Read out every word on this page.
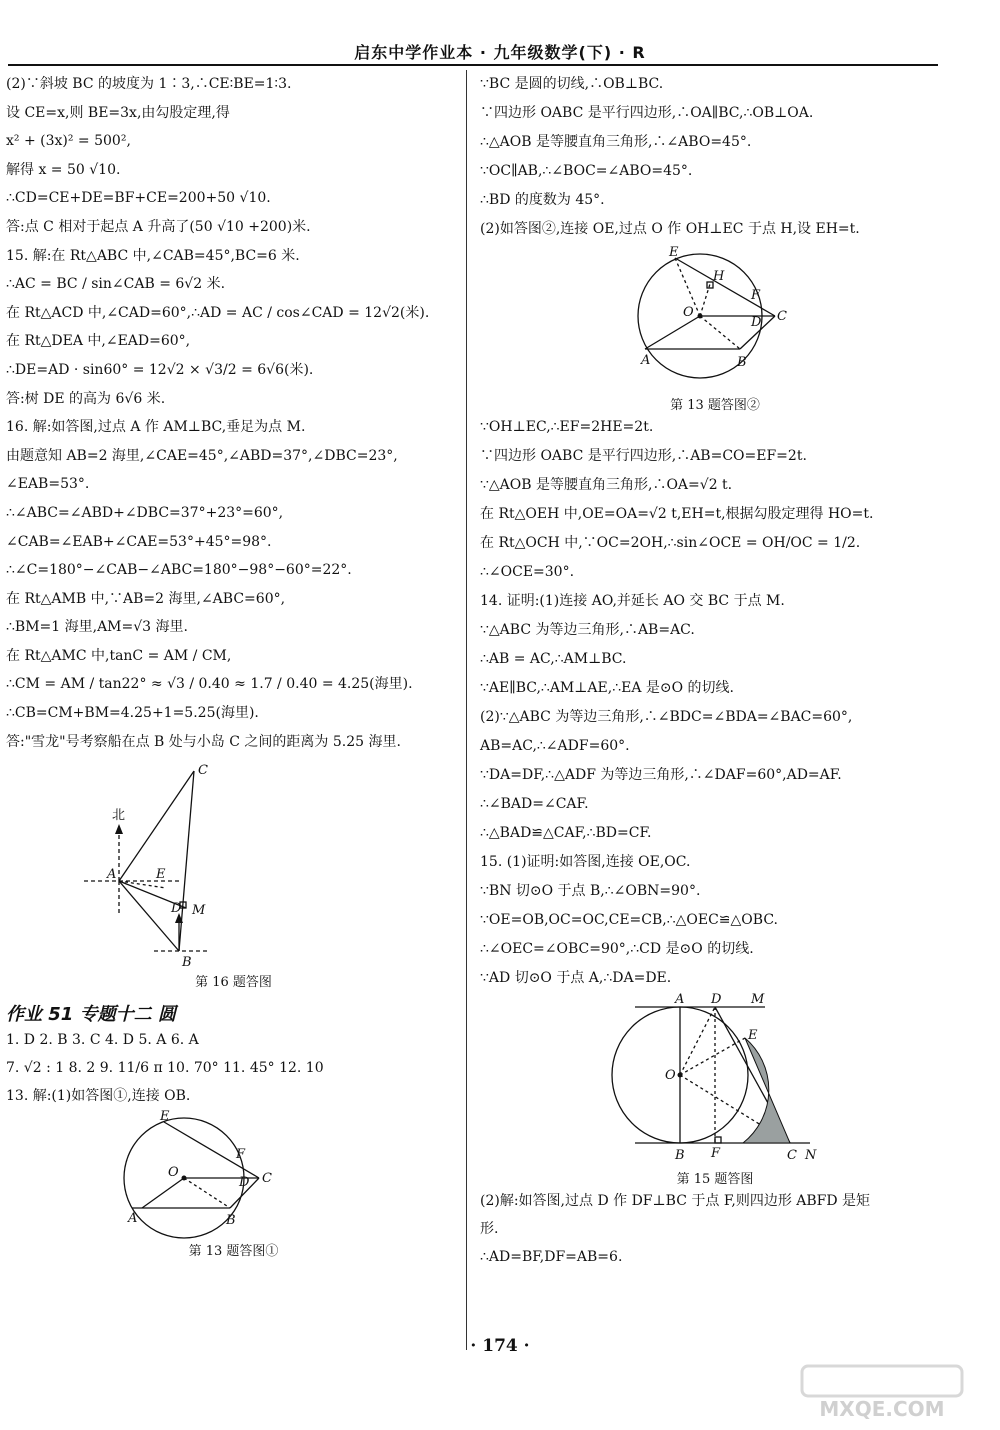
启东中学作业本 · 九年级数学(下) · R
(2)∵斜坡 BC 的坡度为 1∶3,∴CE∶BE=1∶3.
设 CE=x,则 BE=3x,由勾股定理,得
x² + (3x)² = 500²,
解得 x = 50 √10.
∴CD=CE+DE=BF+CE=200+50 √10.
答:点 C 相对于起点 A 升高了(50 √10 +200)米.
15. 解:在 Rt△ABC 中,∠CAB=45°,BC=6 米.
∴AC = BC / sin∠CAB = 6√2 米.
在 Rt△ACD 中,∠CAD=60°,∴AD = AC / cos∠CAD = 12√2(米).
在 Rt△DEA 中,∠EAD=60°,
∴DE=AD · sin60° = 12√2 × √3/2 = 6√6(米).
答:树 DE 的高为 6√6 米.
16. 解:如答图,过点 A 作 AM⊥BC,垂足为点 M.
由题意知 AB=2 海里,∠CAE=45°,∠ABD=37°,∠DBC=23°,
∠EAB=53°.
∴∠ABC=∠ABD+∠DBC=37°+23°=60°,
∠CAB=∠EAB+∠CAE=53°+45°=98°.
∴∠C=180°−∠CAB−∠ABC=180°−98°−60°=22°.
在 Rt△AMB 中,∵AB=2 海里,∠ABC=60°,
∴BM=1 海里,AM=√3 海里.
在 Rt△AMC 中,tanC = AM / CM,
∴CM = AM / tan22° ≈ √3 / 0.40 ≈ 1.7 / 0.40 = 4.25(海里).
∴CB=CM+BM=4.25+1=5.25(海里).
答:"雪龙"号考察船在点 B 处与小岛 C 之间的距离为 5.25 海里.
北
A
B
C
D
E
M
第 16 题答图
作业 51 专题十二 圆
1. D 2. B 3. C 4. D 5. A 6. A
7. √2 : 1 8. 2 9. 11/6 π 10. 70° 11. 45° 12. 10
13. 解:(1)如答图①,连接 OB.
E
F
C
D
O
A	B
第 13 题答图①
∵BC 是圆的切线,∴OB⊥BC.
∵四边形 OABC 是平行四边形,∴OA∥BC,∴OB⊥OA.
∴△AOB 是等腰直角三角形,∴∠ABO=45°.
∵OC∥AB,∴∠BOC=∠ABO=45°.
∴BD 的度数为 45°.
(2)如答图②,连接 OE,过点 O 作 OH⊥EC 于点 H,设 EH=t.
E
H
F
C
D
O
A	B
第 13 题答图②
∵OH⊥EC,∴EF=2HE=2t.
∵四边形 OABC 是平行四边形,∴AB=CO=EF=2t.
∵△AOB 是等腰直角三角形,∴OA=√2 t.
在 Rt△OEH 中,OE=OA=√2 t,EH=t,根据勾股定理得 HO=t.
在 Rt△OCH 中,∵OC=2OH,∴sin∠OCE = OH/OC = 1/2.
∴∠OCE=30°.
14. 证明:(1)连接 AO,并延长 AO 交 BC 于点 M.
∵△ABC 为等边三角形,∴AB=AC.
∴AB = AC,∴AM⊥BC.
∵AE∥BC,∴AM⊥AE,∴EA 是⊙O 的切线.
(2)∵△ABC 为等边三角形,∴∠BDC=∠BDA=∠BAC=60°,
AB=AC,∴∠ADF=60°.
∵DA=DF,∴△ADF 为等边三角形,∴∠DAF=60°,AD=AF.
∴∠BAD=∠CAF.
∴△BAD≌△CAF,∴BD=CF.
15. (1)证明:如答图,连接 OE,OC.
∵BN 切⊙O 于点 B,∴∠OBN=90°.
∵OE=OB,OC=OC,CE=CB,∴△OEC≌△OBC.
∴∠OEC=∠OBC=90°,∴CD 是⊙O 的切线.
∵AD 切⊙O 于点 A,∴DA=DE.
A D M
E
O
B F	C N
第 15 题答图
(2)解:如答图,过点 D 作 DF⊥BC 于点 F,则四边形 ABFD 是矩
形.
∴AD=BF,DF=AB=6.
· 174 ·
MXQE.COM
